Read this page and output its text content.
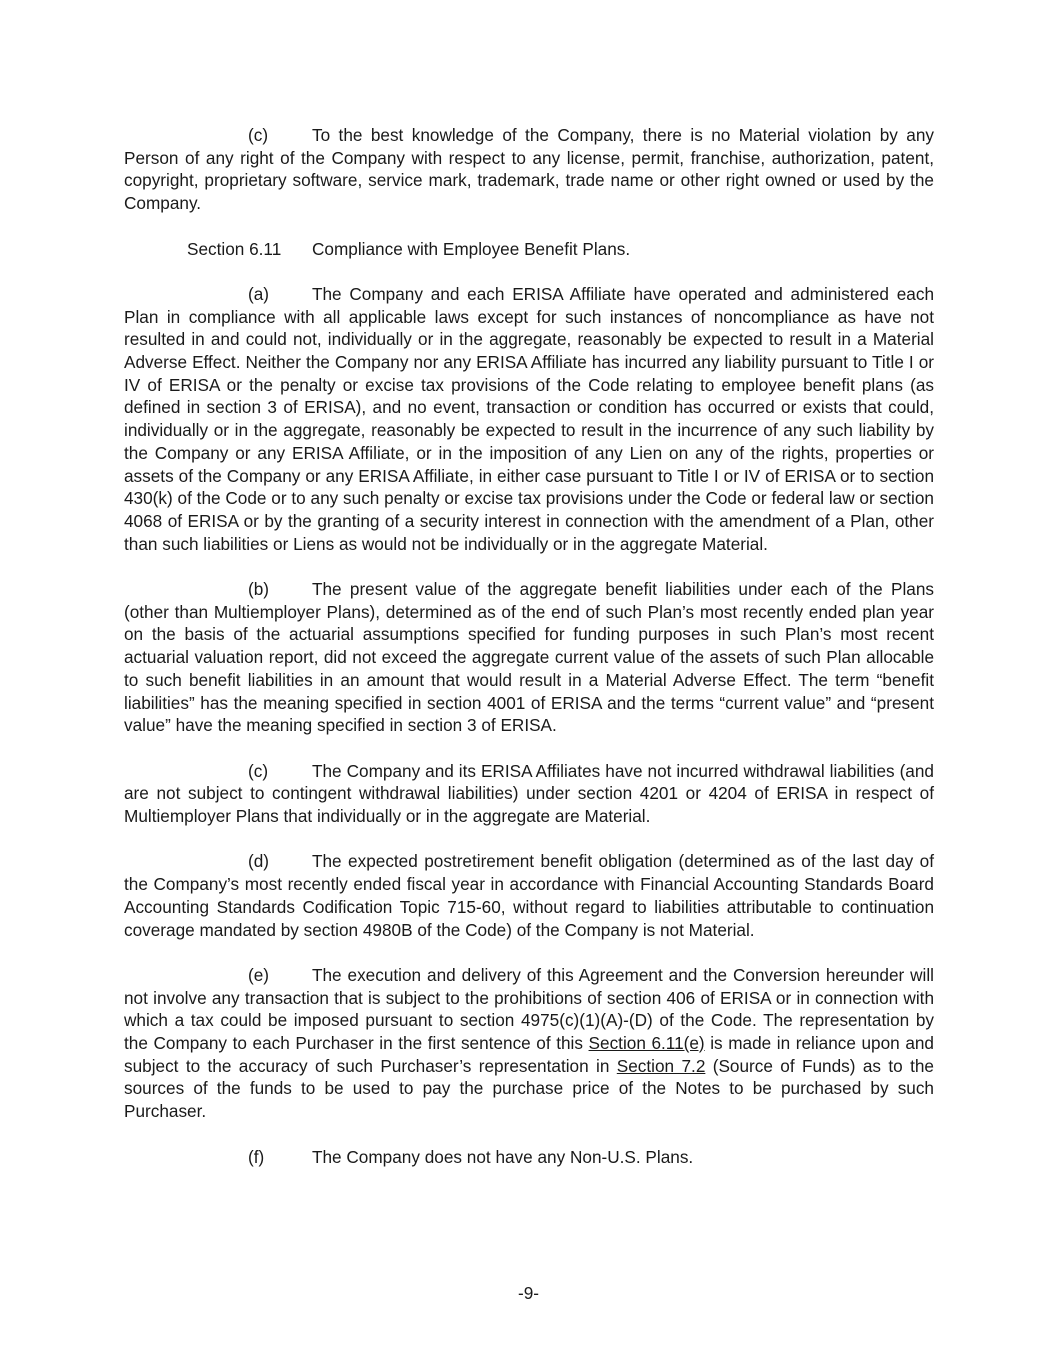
(c)	To the best knowledge of the Company, there is no Material violation by any Person of any right of the Company with respect to any license, permit, franchise, authorization, patent, copyright, proprietary software, service mark, trademark, trade name or other right owned or used by the Company.

Section 6.11 Compliance with Employee Benefit Plans.

(a) The Company and each ERISA Affiliate have operated and administered each Plan in compliance with all applicable laws except for such instances of noncompliance as have not resulted in and could not, individually or in the aggregate, reasonably be expected to result in a Material Adverse Effect. Neither the Company nor any ERISA Affiliate has incurred any liability pursuant to Title I or IV of ERISA or the penalty or excise tax provisions of the Code relating to employee benefit plans (as defined in section 3 of ERISA), and no event, transaction or condition has occurred or exists that could, individually or in the aggregate, reasonably be expected to result in the incurrence of any such liability by the Company or any ERISA Affiliate, or in the imposition of any Lien on any of the rights, properties or assets of the Company or any ERISA Affiliate, in either case pursuant to Title I or IV of ERISA or to section 430(k) of the Code or to any such penalty or excise tax provisions under the Code or federal law or section 4068 of ERISA or by the granting of a security interest in connection with the amendment of a Plan, other than such liabilities or Liens as would not be individually or in the aggregate Material.

(b) The present value of the aggregate benefit liabilities under each of the Plans (other than Multiemployer Plans), determined as of the end of such Plan’s most recently ended plan year on the basis of the actuarial assumptions specified for funding purposes in such Plan’s most recent actuarial valuation report, did not exceed the aggregate current value of the assets of such Plan allocable to such benefit liabilities in an amount that would result in a Material Adverse Effect. The term “benefit liabilities” has the meaning specified in section 4001 of ERISA and the terms “current value” and “present value” have the meaning specified in section 3 of ERISA.

(c)	The Company and its ERISA Affiliates have not incurred withdrawal liabilities (and are not subject to contingent withdrawal liabilities) under section 4201 or 4204 of ERISA in respect of Multiemployer Plans that individually or in the aggregate are Material.

(d) The expected postretirement benefit obligation (determined as of the last day of the Company’s most recently ended fiscal year in accordance with Financial Accounting Standards Board Accounting Standards Codification Topic 715-60, without regard to liabilities attributable to continuation coverage mandated by section 4980B of the Code) of the Company is not Material.

(e) The execution and delivery of this Agreement and the Conversion hereunder will not involve any transaction that is subject to the prohibitions of section 406 of ERISA or in connection with which a tax could be imposed pursuant to section 4975(c)(1)(A)-(D) of the Code. The representation by the Company to each Purchaser in the first sentence of this Section 6.11(e) is made in reliance upon and subject to the accuracy of such Purchaser’s representation in Section 7.2 (Source of Funds) as to the sources of the funds to be used to pay the purchase price of the Notes to be purchased by such Purchaser.

(f)	The Company does not have any Non-U.S. Plans.

-9-
